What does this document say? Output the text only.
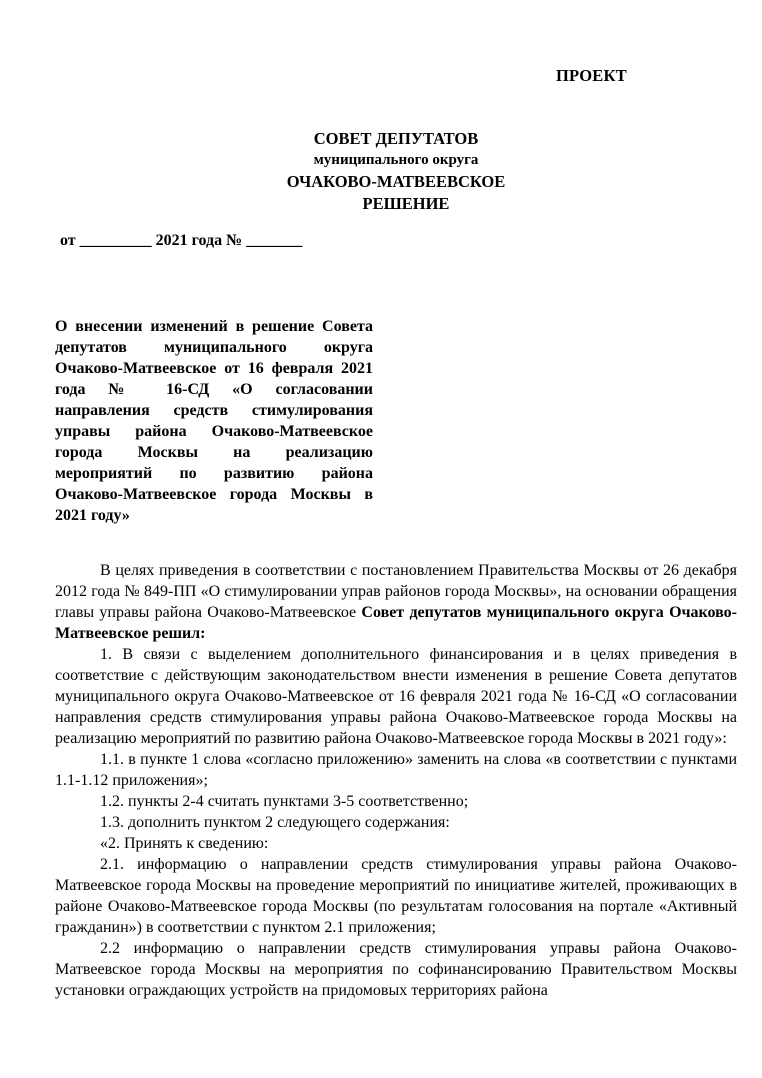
ПРОЕКТ
СОВЕТ ДЕПУТАТОВ
муниципального округа
ОЧАКОВО-МАТВЕЕВСКОЕ
РЕШЕНИЕ
от _________ 2021 года № _______
О внесении изменений в решение Совета депутатов муниципального округа Очаково-Матвеевское от 16 февраля 2021 года № 16-СД «О согласовании направления средств стимулирования управы района Очаково-Матвеевское города Москвы на реализацию мероприятий по развитию района Очаково-Матвеевское города Москвы в 2021 году»

В целях приведения в соответствии с постановлением Правительства Москвы от 26 декабря 2012 года № 849-ПП «О стимулировании управ районов города Москвы», на основании обращения главы управы района Очаково-Матвеевское Совет депутатов муниципального округа Очаково-Матвеевское решил:

1. В связи с выделением дополнительного финансирования и в целях приведения в соответствие с действующим законодательством внести изменения в решение Совета депутатов муниципального округа Очаково-Матвеевское от 16 февраля 2021 года № 16-СД «О согласовании направления средств стимулирования управы района Очаково-Матвеевское города Москвы на реализацию мероприятий по развитию района Очаково-Матвеевское города Москвы в 2021 году»:

1.1. в пункте 1 слова «согласно приложению» заменить на слова «в соответствии с пунктами 1.1-1.12 приложения»;

1.2. пункты 2-4 считать пунктами 3-5 соответственно;

1.3. дополнить пунктом 2 следующего содержания:

«2. Принять к сведению:

2.1. информацию о направлении средств стимулирования управы района Очаково-Матвеевское города Москвы на проведение мероприятий по инициативе жителей, проживающих в районе Очаково-Матвеевское города Москвы (по результатам голосования на портале «Активный гражданин») в соответствии с пунктом 2.1 приложения;

2.2 информацию о направлении средств стимулирования управы района Очаково-Матвеевское города Москвы на мероприятия по софинансированию Правительством Москвы установки ограждающих устройств на придомовых территориях района
